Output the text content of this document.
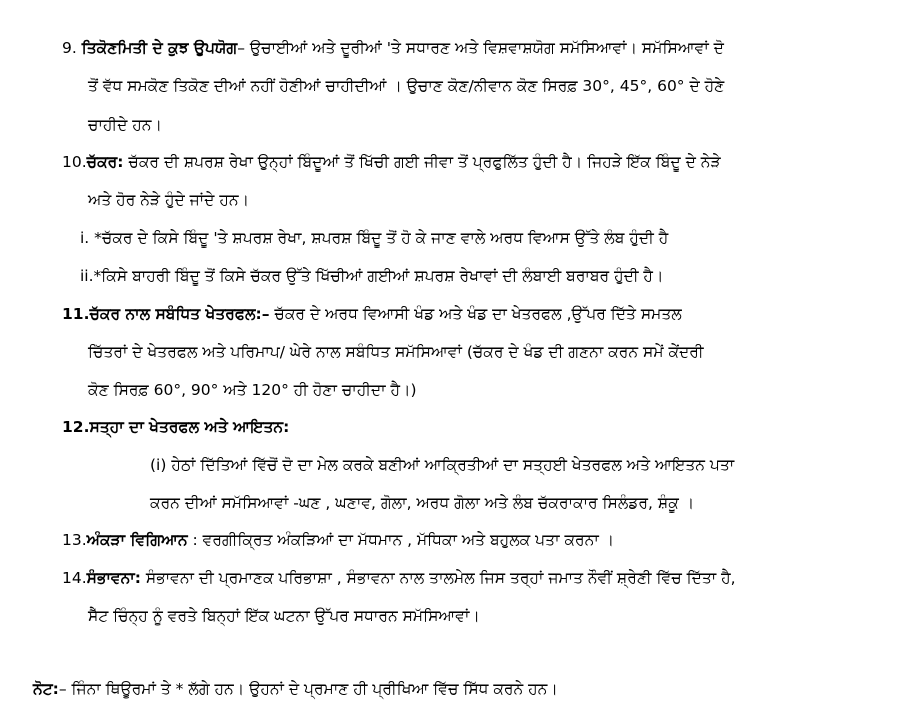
9. ਤਿਕੋਣਮਿਤੀ ਦੇ ਕੁਝ ਉਪਯੋਗ– ਉਚਾਈਆਂ ਅਤੇ ਦੂਰੀਆਂ 'ਤੇ ਸਧਾਰਣ ਅਤੇ ਵਿਸ਼ਵਾਸ਼ਯੋਗ ਸਮੱਸਿਆਵਾਂ। ਸਮੱਸਿਆਵਾਂ ਦੋ
ਤੋਂ ਵੱਧ ਸਮਕੋਣ ਤਿਕੋਣ ਦੀਆਂ ਨਹੀਂ ਹੋਣੀਆਂ ਚਾਹੀਦੀਆਂ । ਉਚਾਣ ਕੋਣ/ਨੀਵਾਨ ਕੋਣ ਸਿਰਫ਼ 30°, 45°, 60° ਦੇ ਹੋਣੇ
ਚਾਹੀਦੇ ਹਨ।
10.ਚੱਕਰ: ਚੱਕਰ ਦੀ ਸ਼ਪਰਸ਼ ਰੇਖਾ ਉਨ੍ਹਾਂ ਬਿੰਦੂਆਂ ਤੋਂ ਖਿੱਚੀ ਗਈ ਜੀਵਾ ਤੋਂ ਪ੍ਰਫੁਲਿੱਤ ਹੁੰਦੀ ਹੈ। ਜਿਹੜੇ ਇੱਕ ਬਿੰਦੂ ਦੇ ਨੇੜੇ
ਅਤੇ ਹੋਰ ਨੇੜੇ ਹੁੰਦੇ ਜਾਂਦੇ ਹਨ।
i. *ਚੱਕਰ ਦੇ ਕਿਸੇ ਬਿੰਦੂ 'ਤੇ ਸ਼ਪਰਸ਼ ਰੇਖਾ, ਸ਼ਪਰਸ਼ ਬਿੰਦੂ ਤੋਂ ਹੋ ਕੇ ਜਾਣ ਵਾਲੇ ਅਰਧ ਵਿਆਸ ਉੱਤੇ ਲੰਬ ਹੁੰਦੀ ਹੈ
ii.*ਕਿਸੇ ਬਾਹਰੀ ਬਿੰਦੂ ਤੋਂ ਕਿਸੇ ਚੱਕਰ ਉੱਤੇ ਖਿੱਚੀਆਂ ਗਈਆਂ ਸ਼ਪਰਸ਼ ਰੇਖਾਵਾਂ ਦੀ ਲੰਬਾਈ ਬਰਾਬਰ ਹੁੰਦੀ ਹੈ।
11.ਚੱਕਰ ਨਾਲ ਸਬੰਧਿਤ ਖੇਤਰਫਲ:– ਚੱਕਰ ਦੇ ਅਰਧ ਵਿਆਸੀ ਖੰਡ ਅਤੇ ਖੰਡ ਦਾ ਖੇਤਰਫਲ ,ਉੱਪਰ ਦਿੱਤੇ ਸਮਤਲ
ਚਿੱਤਰਾਂ ਦੇ ਖੇਤਰਫਲ ਅਤੇ ਪਰਿਮਾਪ/ ਘੇਰੇ ਨਾਲ ਸਬੰਧਿਤ ਸਮੱਸਿਆਵਾਂ (ਚੱਕਰ ਦੇ ਖੰਡ ਦੀ ਗਣਨਾ ਕਰਨ ਸਮੇਂ ਕੇਂਦਰੀ
ਕੋਣ ਸਿਰਫ਼ 60°, 90° ਅਤੇ 120° ਹੀ ਹੋਣਾ ਚਾਹੀਦਾ ਹੈ।)
12.ਸਤ੍ਹਾ ਦਾ ਖੇਤਰਫਲ ਅਤੇ ਆਇਤਨ:
(i) ਹੇਠਾਂ ਦਿੱਤਿਆਂ ਵਿੱਚੋਂ ਦੋ ਦਾ ਮੇਲ ਕਰਕੇ ਬਣੀਆਂ ਆਕ੍ਰਿਤੀਆਂ ਦਾ ਸਤ੍ਹਈ ਖੇਤਰਫਲ ਅਤੇ ਆਇਤਨ ਪਤਾ
ਕਰਨ ਦੀਆਂ ਸਮੱਸਿਆਵਾਂ -ਘਣ , ਘਣਾਵ, ਗੋਲਾ, ਅਰਧ ਗੋਲਾ ਅਤੇ ਲੰਬ ਚੱਕਰਾਕਾਰ ਸਿਲੰਡਰ, ਸ਼ੰਕੂ ।
13.ਅੰਕੜਾ ਵਿਗਿਆਨ : ਵਰਗੀਕ੍ਰਿਤ ਅੰਕੜਿਆਂ ਦਾ ਮੱਧਮਾਨ , ਮੱਧਿਕਾ ਅਤੇ ਬਹੁਲਕ ਪਤਾ ਕਰਨਾ ।
14.ਸੰਭਾਵਨਾ: ਸੰਭਾਵਨਾ ਦੀ ਪ੍ਰਮਾਣਕ ਪਰਿਭਾਸ਼ਾ , ਸੰਭਾਵਨਾ ਨਾਲ ਤਾਲਮੇਲ ਜਿਸ ਤਰ੍ਹਾਂ ਜਮਾਤ ਨੌਵੀਂ ਸ਼੍ਰੇਣੀ ਵਿੱਚ ਦਿੱਤਾ ਹੈ,
ਸੈੱਟ ਚਿੰਨ੍ਹ ਨੂੰ ਵਰਤੇ ਬਿਨ੍ਹਾਂ ਇੱਕ ਘਟਨਾ ਉੱਪਰ ਸਧਾਰਨ ਸਮੱਸਿਆਵਾਂ।
ਨੋਟ:– ਜਿੰਨਾ ਥਿਊਰਮਾਂ ਤੇ * ਲੱਗੇ ਹਨ। ਉਹਨਾਂ ਦੇ ਪ੍ਰਮਾਣ ਹੀ ਪ੍ਰੀਖਿਆ ਵਿੱਚ ਸਿੱਧ ਕਰਨੇ ਹਨ।
